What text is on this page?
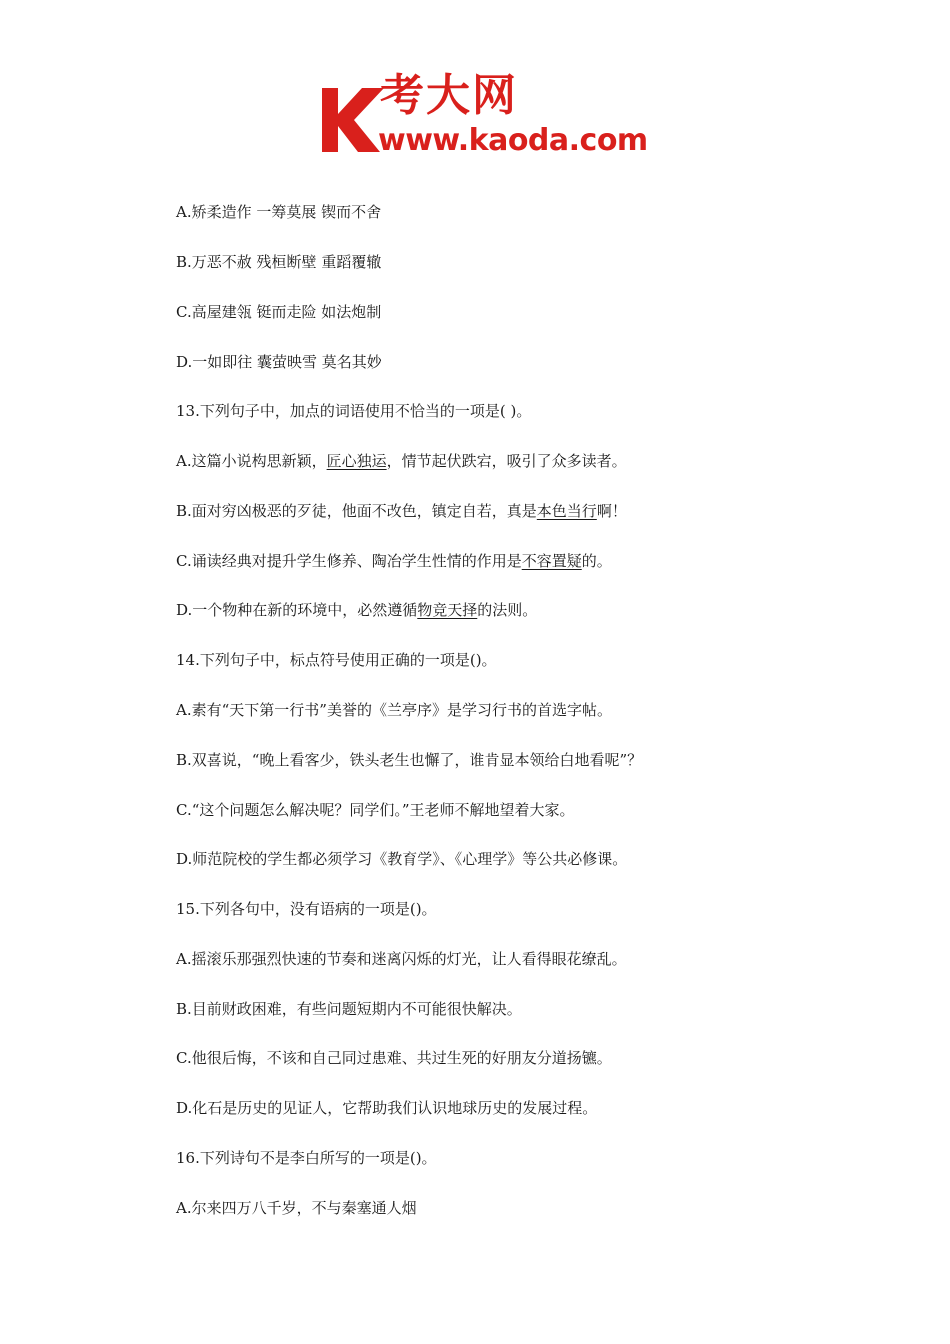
考大网
www.kaoda.com
A.矫柔造作 一筹莫展 锲而不舍
B.万恶不赦 残桓断壁 重蹈覆辙
C.高屋建瓴 铤而走险 如法炮制
D.一如即往 囊萤映雪 莫名其妙
13.下列句子中，加点的词语使用不恰当的一项是( )。
A.这篇小说构思新颖，匠心独运，情节起伏跌宕，吸引了众多读者。
B.面对穷凶极恶的歹徒，他面不改色，镇定自若，真是本色当行啊！
C.诵读经典对提升学生修养、陶冶学生性情的作用是不容置疑的。
D.一个物种在新的环境中，必然遵循物竞天择的法则。
14.下列句子中，标点符号使用正确的一项是()。
A.素有“天下第一行书”美誉的《兰亭序》是学习行书的首选字帖。
B.双喜说，“晚上看客少，铁头老生也懈了，谁肯显本领给白地看呢”？
C.“这个问题怎么解决呢？同学们。”王老师不解地望着大家。
D.师范院校的学生都必须学习《教育学》、《心理学》等公共必修课。
15.下列各句中，没有语病的一项是()。
A.摇滚乐那强烈快速的节奏和迷离闪烁的灯光，让人看得眼花缭乱。
B.目前财政困难，有些问题短期内不可能很快解决。
C.他很后悔，不该和自己同过患难、共过生死的好朋友分道扬镳。
D.化石是历史的见证人，它帮助我们认识地球历史的发展过程。
16.下列诗句不是李白所写的一项是()。
A.尔来四万八千岁，不与秦塞通人烟
